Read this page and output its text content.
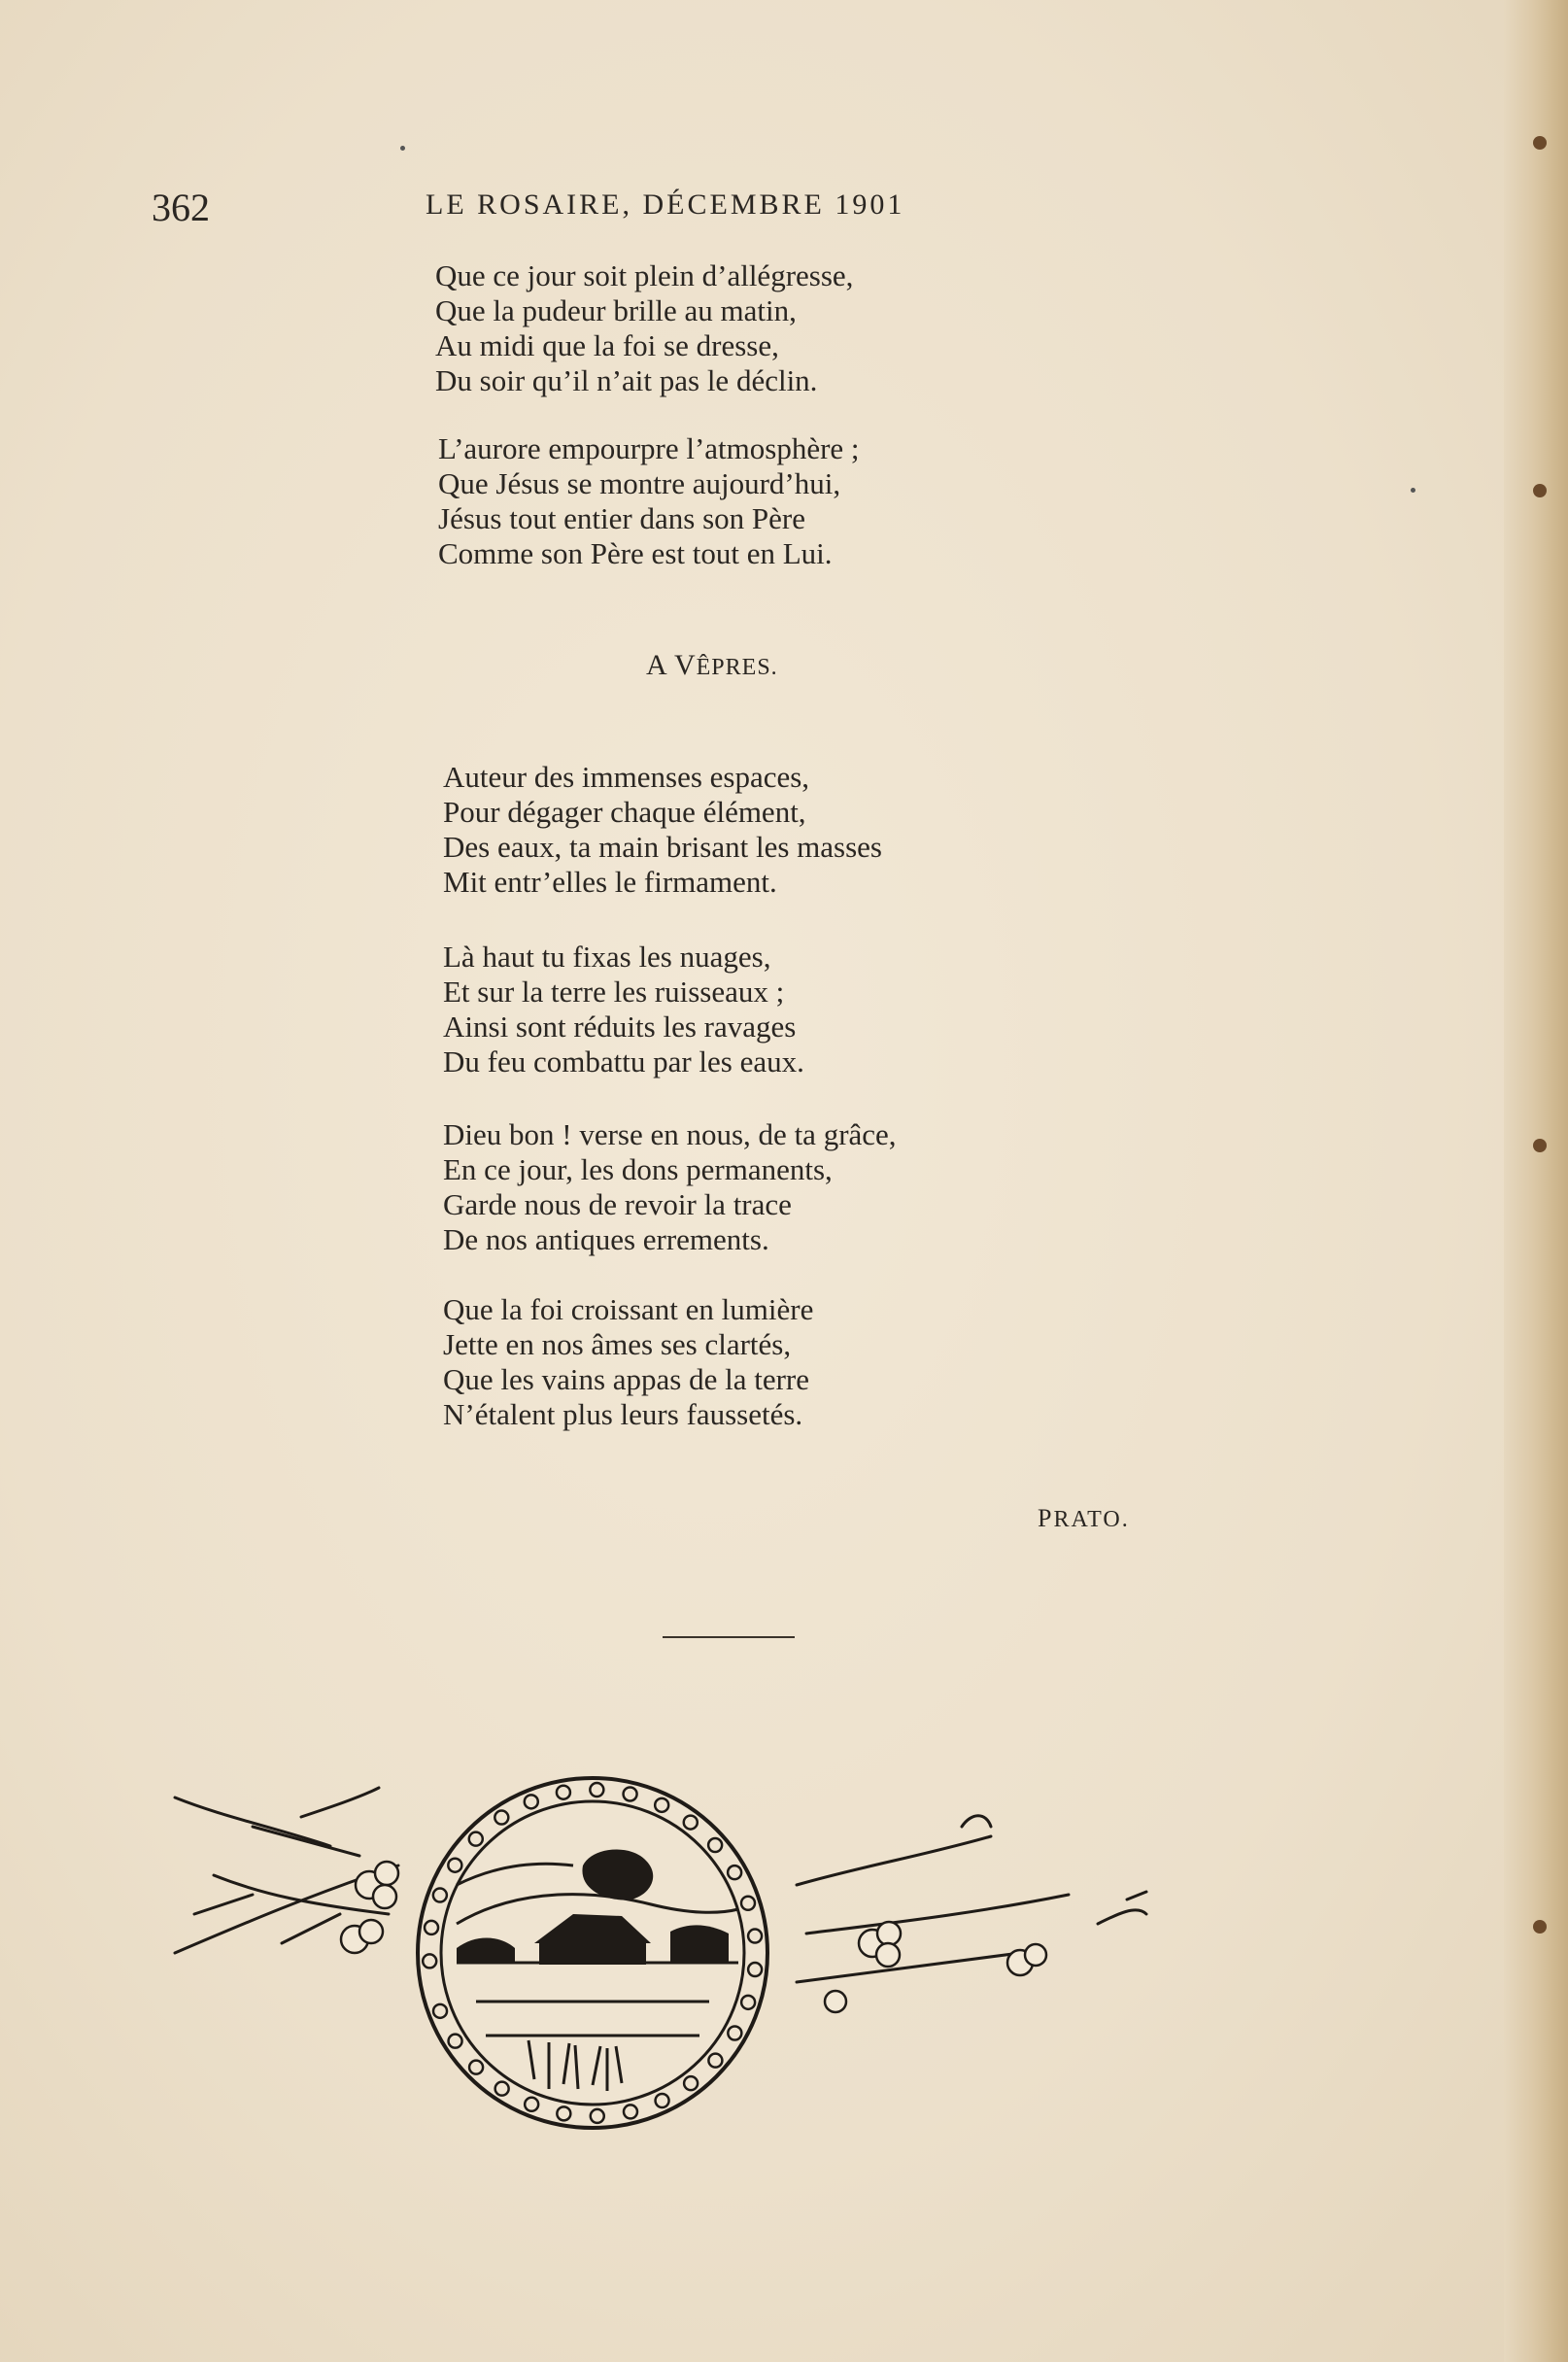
362	LE ROSAIRE, DÉCEMBRE 1901
Que ce jour soit plein d’allégresse,
Que la pudeur brille au matin,
Au midi que la foi se dresse,
Du soir qu’il n’ait pas le déclin.
L’aurore empourpre l’atmosphère ;
Que Jésus se montre aujourd’hui,
Jésus tout entier dans son Père
Comme son Père est tout en Lui.
A VÊPRES.
Auteur des immenses espaces,
Pour dégager chaque élément,
Des eaux, ta main brisant les masses
Mit entr’elles le firmament.
Là haut tu fixas les nuages,
Et sur la terre les ruisseaux ;
Ainsi sont réduits les ravages
Du feu combattu par les eaux.
Dieu bon ! verse en nous, de ta grâce,
En ce jour, les dons permanents,
Garde nous de revoir la trace
De nos antiques errements.
Que la foi croissant en lumière
Jette en nos âmes ses clartés,
Que les vains appas de la terre
N’étalent plus leurs faussetés.
PRATO.
